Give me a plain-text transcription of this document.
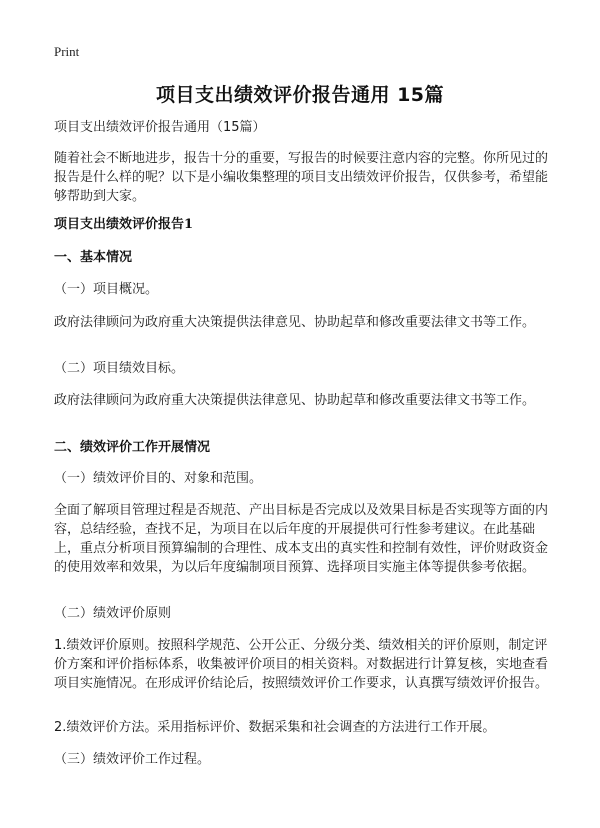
Print
项目支出绩效评价报告通用 15篇

项目支出绩效评价报告通用（15篇）

随着社会不断地进步，报告十分的重要，写报告的时候要注意内容的完整。你所见过的报告是什么样的呢？以下是小编收集整理的项目支出绩效评价报告，仅供参考，希望能够帮助到大家。

项目支出绩效评价报告1

一、基本情况

（一）项目概况。

政府法律顾问为政府重大决策提供法律意见、协助起草和修改重要法律文书等工作。

（二）项目绩效目标。

政府法律顾问为政府重大决策提供法律意见、协助起草和修改重要法律文书等工作。

二、绩效评价工作开展情况

（一）绩效评价目的、对象和范围。

全面了解项目管理过程是否规范、产出目标是否完成以及效果目标是否实现等方面的内容，总结经验，查找不足，为项目在以后年度的开展提供可行性参考建议。在此基础上，重点分析项目预算编制的合理性、成本支出的真实性和控制有效性，评价财政资金的使用效率和效果，为以后年度编制项目预算、选择项目实施主体等提供参考依据。

（二）绩效评价原则

1.绩效评价原则。按照科学规范、公开公正、分级分类、绩效相关的评价原则，制定评价方案和评价指标体系，收集被评价项目的相关资料。对数据进行计算复核，实地查看项目实施情况。在形成评价结论后，按照绩效评价工作要求，认真撰写绩效评价报告。

2.绩效评价方法。采用指标评价、数据采集和社会调查的方法进行工作开展。

（三）绩效评价工作过程。
